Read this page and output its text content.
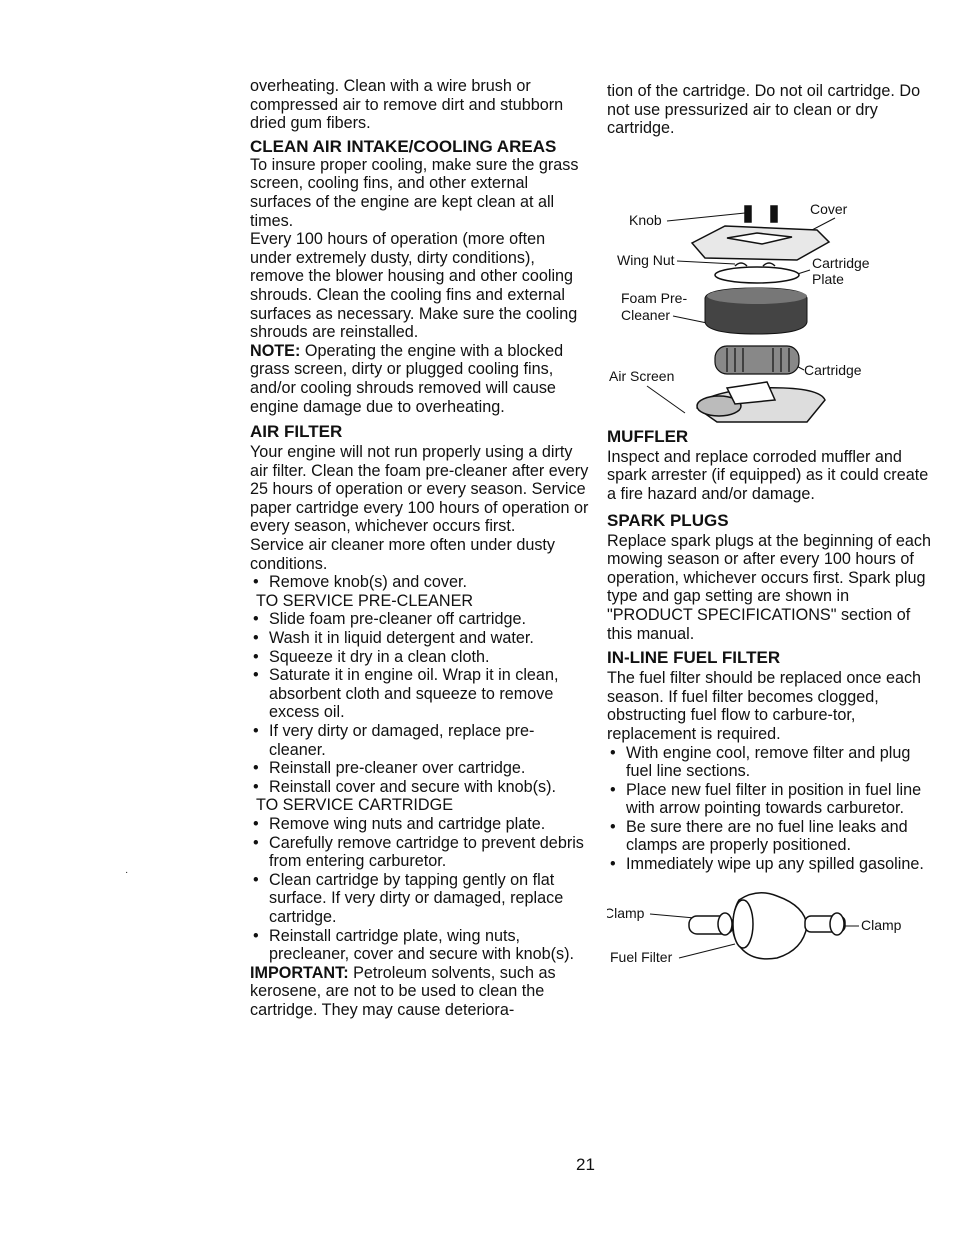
overheating. Clean with a wire brush or compressed air to remove dirt and stubborn dried gum fibers.

CLEAN AIR INTAKE/COOLING AREAS

To insure proper cooling, make sure the grass screen, cooling fins, and other external surfaces of the engine are kept clean at all times.

Every 100 hours of operation (more often under extremely dusty, dirty conditions), remove the blower housing and other cooling shrouds. Clean the cooling fins and external surfaces as necessary. Make sure the cooling shrouds are reinstalled.

NOTE: Operating the engine with a blocked grass screen, dirty or plugged cooling fins, and/or cooling shrouds removed will cause engine damage due to overheating.

AIR FILTER

Your engine will not run properly using a dirty air filter. Clean the foam pre-cleaner after every 25 hours of operation or every season. Service paper cartridge every 100 hours of operation or every season, whichever occurs first.

Service air cleaner more often under dusty conditions.

• Remove knob(s) and cover.

TO SERVICE PRE-CLEANER

• Slide foam pre-cleaner off cartridge.
• Wash it in liquid detergent and water.
• Squeeze it dry in a clean cloth.
• Saturate it in engine oil. Wrap it in clean, absorbent cloth and squeeze to remove excess oil.
• If very dirty or damaged, replace pre-cleaner.
• Reinstall pre-cleaner over cartridge.
• Reinstall cover and secure with knob(s).

TO SERVICE CARTRIDGE

• Remove wing nuts and cartridge plate.
• Carefully remove cartridge to prevent debris from entering carburetor.
• Clean cartridge by tapping gently on flat surface. If very dirty or damaged, replace cartridge.
• Reinstall cartridge plate, wing nuts, precleaner, cover and secure with knob(s).

IMPORTANT: Petroleum solvents, such as kerosene, are not to be used to clean the cartridge. They may cause deteriora-

tion of the cartridge. Do not oil cartridge. Do not use pressurized air to clean or dry cartridge.

Knob
Cover
Wing Nut	Cartridge
Plate
Foam Pre-
Cleaner
Air Screen	Cartridge
MUFFLER

Inspect and replace corroded muffler and spark arrester (if equipped) as it could create a fire hazard and/or damage.

SPARK PLUGS

Replace spark plugs at the beginning of each mowing season or after every 100 hours of operation, whichever occurs first. Spark plug type and gap setting are shown in "PRODUCT SPECIFICATIONS" section of this manual.

IN-LINE FUEL FILTER

The fuel filter should be replaced once each season. If fuel filter becomes clogged, obstructing fuel flow to carbure-tor, replacement is required.

• With engine cool, remove filter and plug fuel line sections.
• Place new fuel filter in position in fuel line with arrow pointing towards carburetor.
• Be sure there are no fuel line leaks and clamps are properly positioned.
• Immediately wipe up any spilled gasoline.
Clamp
Clamp
Fuel Filter
·
21
